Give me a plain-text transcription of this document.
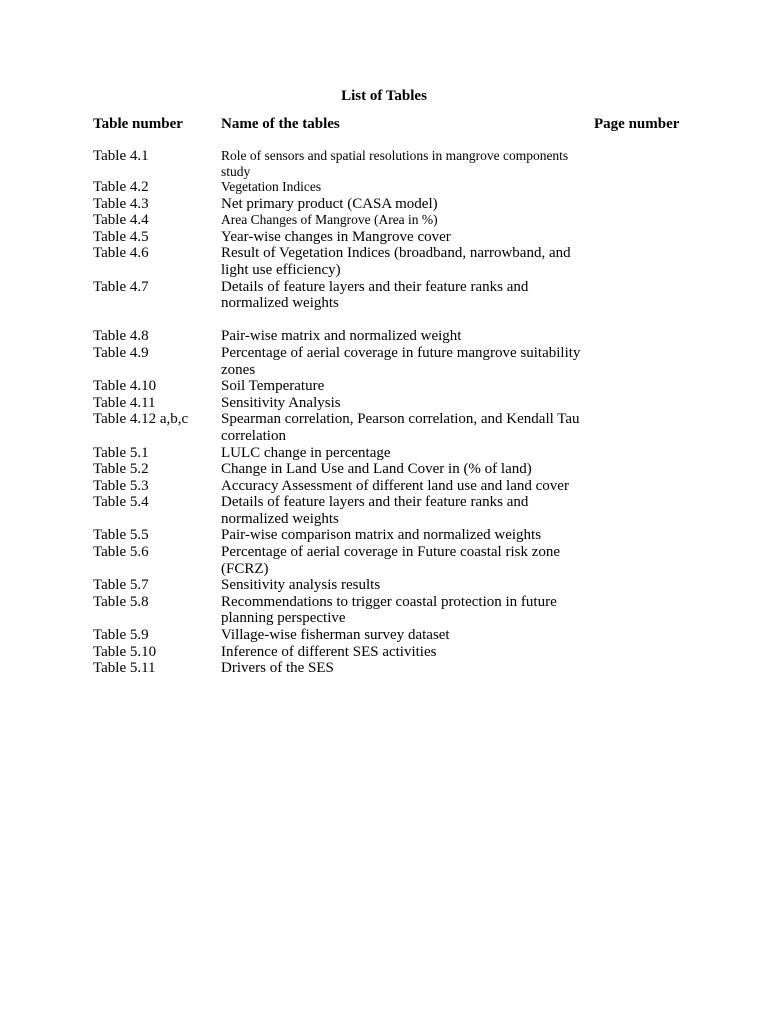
List of Tables
Table number	Name of the tables	Page number
Table 4.1	Role of sensors and spatial resolutions in mangrove components study
Table 4.2	Vegetation Indices
Table 4.3	Net primary product (CASA model)
Table 4.4	Area Changes of Mangrove (Area in %)
Table 4.5	Year-wise changes in Mangrove cover
Table 4.6	Result of Vegetation Indices (broadband, narrowband, and light use efficiency)
Table 4.7	Details of feature layers and their feature ranks and normalized weights
Table 4.8	Pair-wise matrix and normalized weight
Table 4.9	Percentage of aerial coverage in future mangrove suitability zones
Table 4.10	Soil Temperature
Table 4.11	Sensitivity Analysis
Table 4.12 a,b,c	Spearman correlation, Pearson correlation, and Kendall Tau correlation
Table 5.1	LULC change in percentage
Table 5.2	Change in Land Use and Land Cover in (% of land)
Table 5.3	Accuracy Assessment of different land use and land cover
Table 5.4	Details of feature layers and their feature ranks and normalized weights
Table 5.5	Pair-wise comparison matrix and normalized weights
Table 5.6	Percentage of aerial coverage in Future coastal risk zone (FCRZ)
Table 5.7	Sensitivity analysis results
Table 5.8	Recommendations to trigger coastal protection in future planning perspective
Table 5.9	Village-wise fisherman survey dataset
Table 5.10	Inference of different SES activities
Table 5.11	Drivers of the SES
